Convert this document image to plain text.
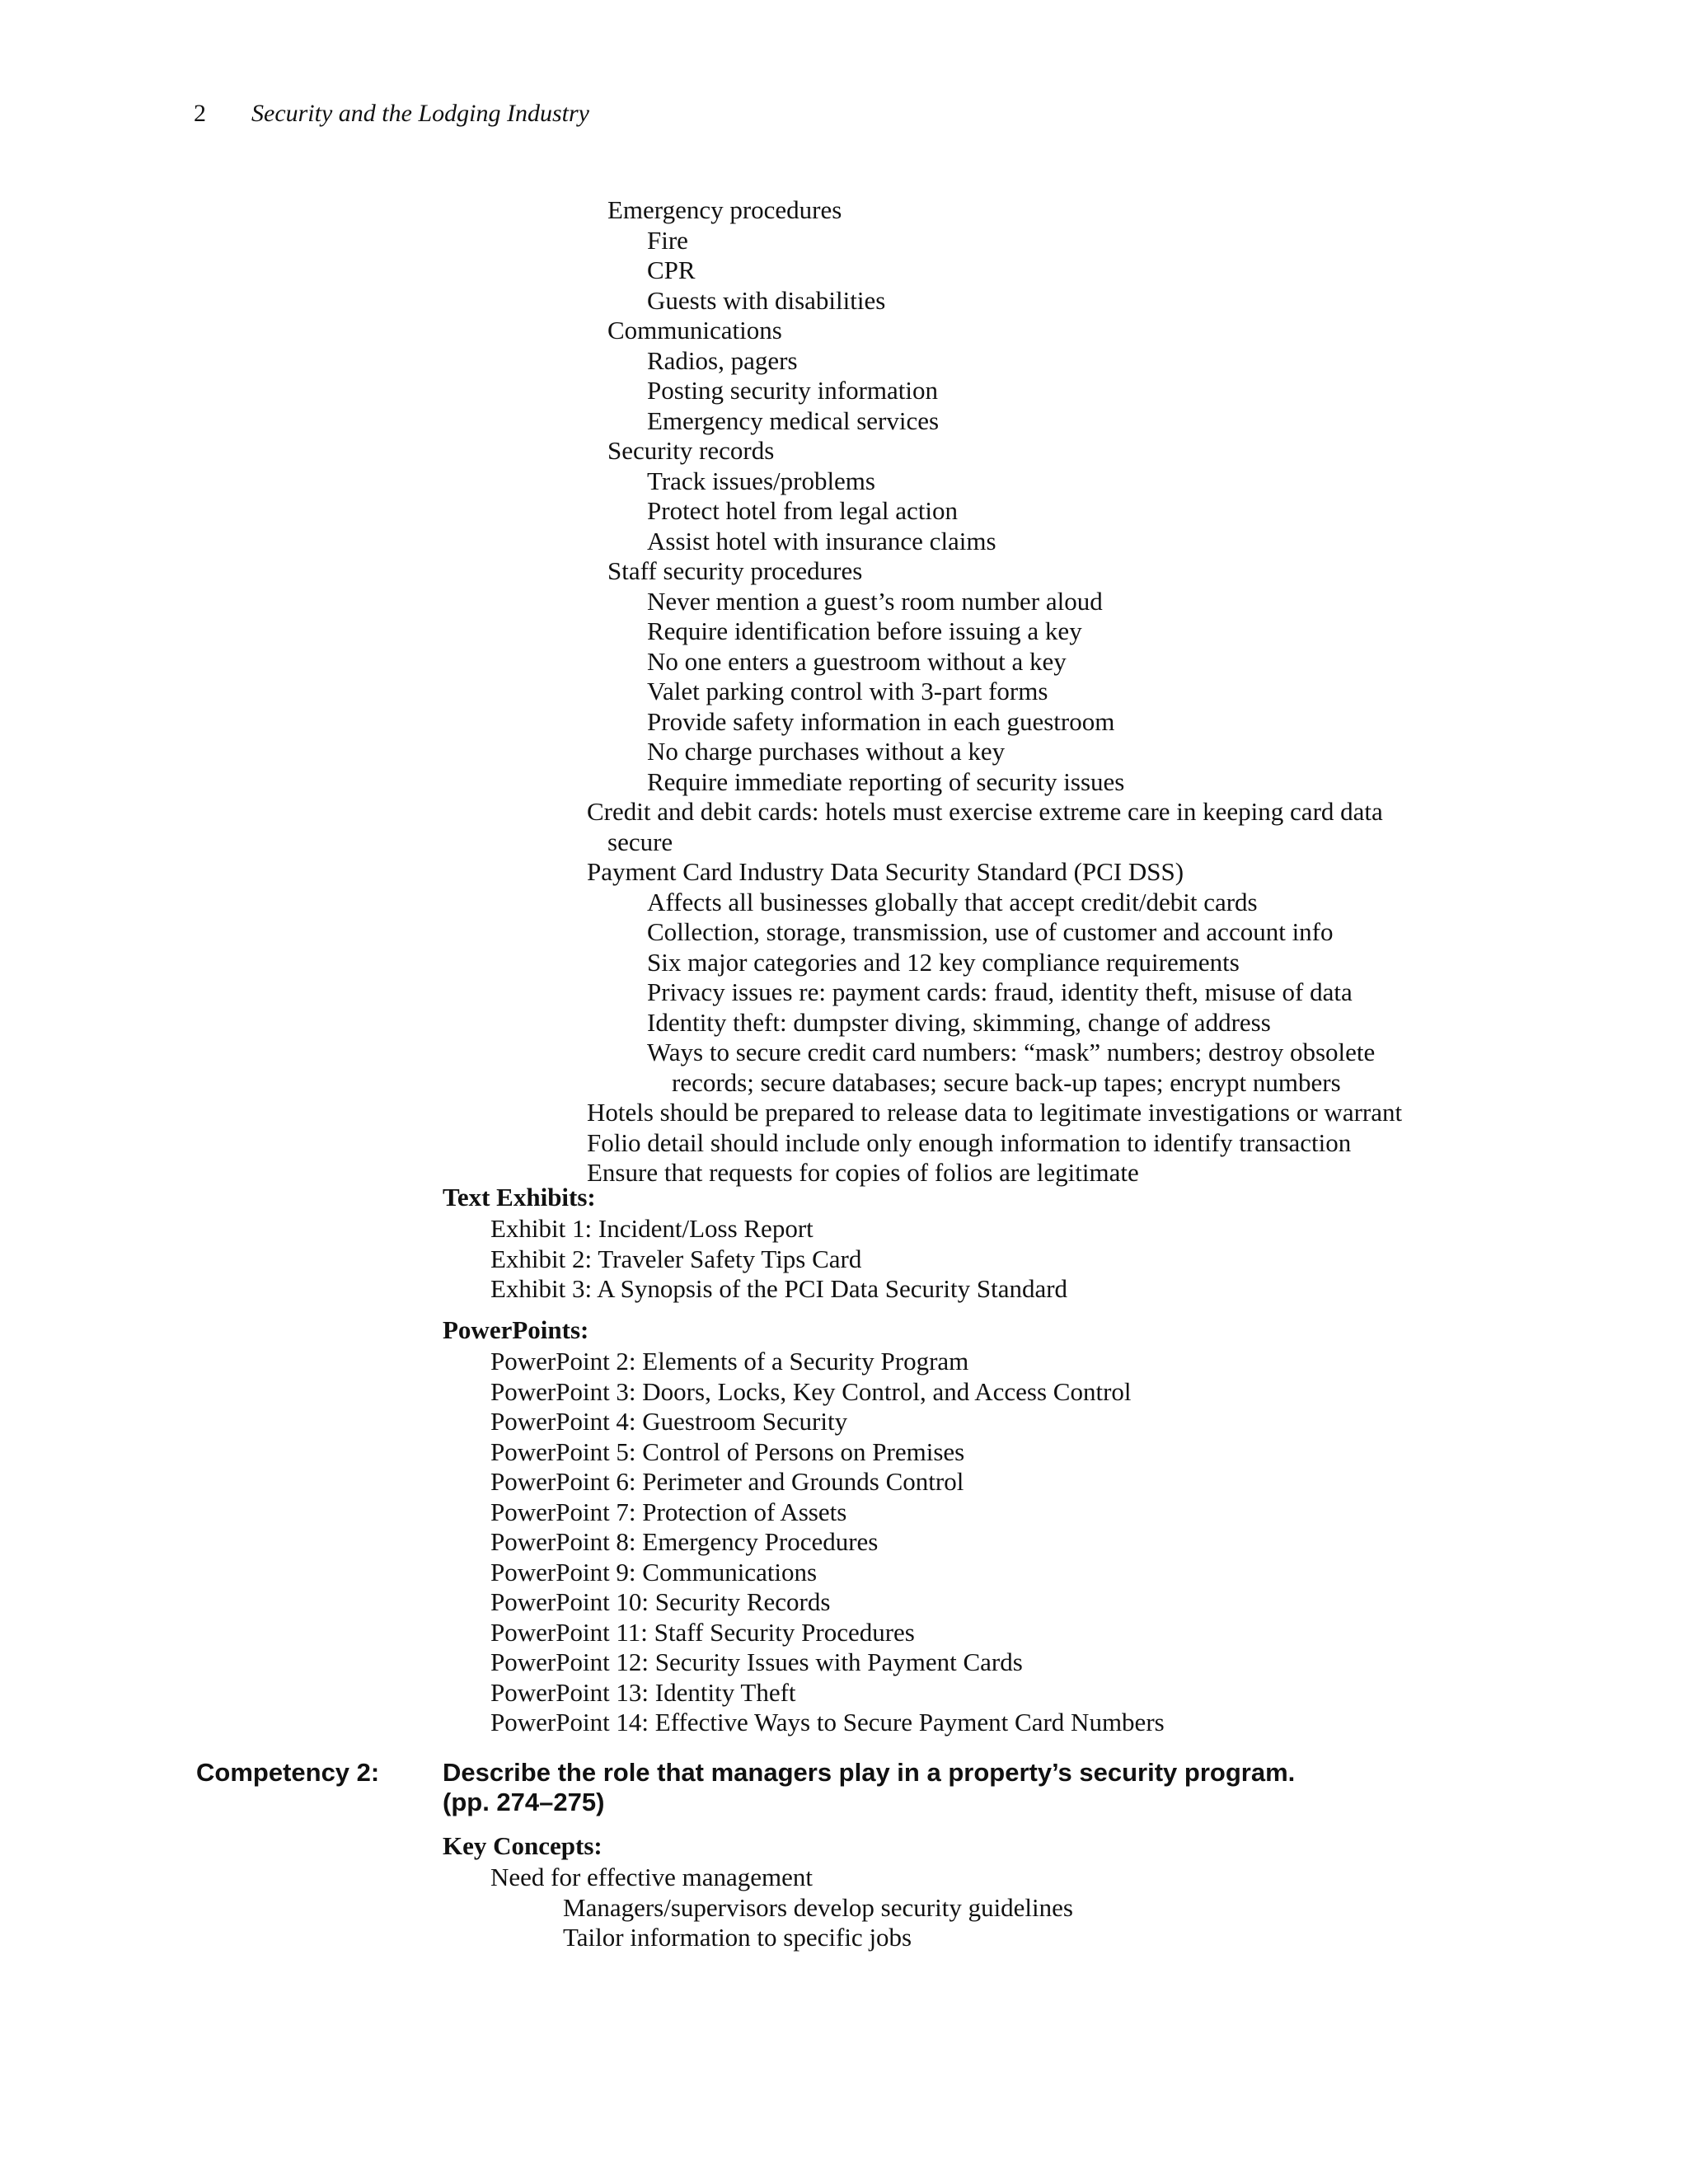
2 Security and the Lodging Industry
Emergency procedures
Fire
CPR
Guests with disabilities
Communications
Radios, pagers
Posting security information
Emergency medical services
Security records
Track issues/problems
Protect hotel from legal action
Assist hotel with insurance claims
Staff security procedures
Never mention a guest’s room number aloud
Require identification before issuing a key
No one enters a guestroom without a key
Valet parking control with 3-part forms
Provide safety information in each guestroom
No charge purchases without a key
Require immediate reporting of security issues
Credit and debit cards: hotels must exercise extreme care in keeping card data
secure
Payment Card Industry Data Security Standard (PCI DSS)
Affects all businesses globally that accept credit/debit cards
Collection, storage, transmission, use of customer and account info
Six major categories and 12 key compliance requirements
Privacy issues re: payment cards: fraud, identity theft, misuse of data
Identity theft: dumpster diving, skimming, change of address
Ways to secure credit card numbers: “mask” numbers; destroy obsolete
records; secure databases; secure back-up tapes; encrypt numbers
Hotels should be prepared to release data to legitimate investigations or warrant
Folio detail should include only enough information to identify transaction
Ensure that requests for copies of folios are legitimate
Text Exhibits:
Exhibit 1: Incident/Loss Report
Exhibit 2: Traveler Safety Tips Card
Exhibit 3: A Synopsis of the PCI Data Security Standard
PowerPoints:
PowerPoint 2: Elements of a Security Program
PowerPoint 3: Doors, Locks, Key Control, and Access Control
PowerPoint 4: Guestroom Security
PowerPoint 5: Control of Persons on Premises
PowerPoint 6: Perimeter and Grounds Control
PowerPoint 7: Protection of Assets
PowerPoint 8: Emergency Procedures
PowerPoint 9: Communications
PowerPoint 10: Security Records
PowerPoint 11: Staff Security Procedures
PowerPoint 12: Security Issues with Payment Cards
PowerPoint 13: Identity Theft
PowerPoint 14: Effective Ways to Secure Payment Card Numbers
Competency 2: Describe the role that managers play in a property’s security program.
(pp. 274–275)
Key Concepts:
Need for effective management
Managers/supervisors develop security guidelines
Tailor information to specific jobs
